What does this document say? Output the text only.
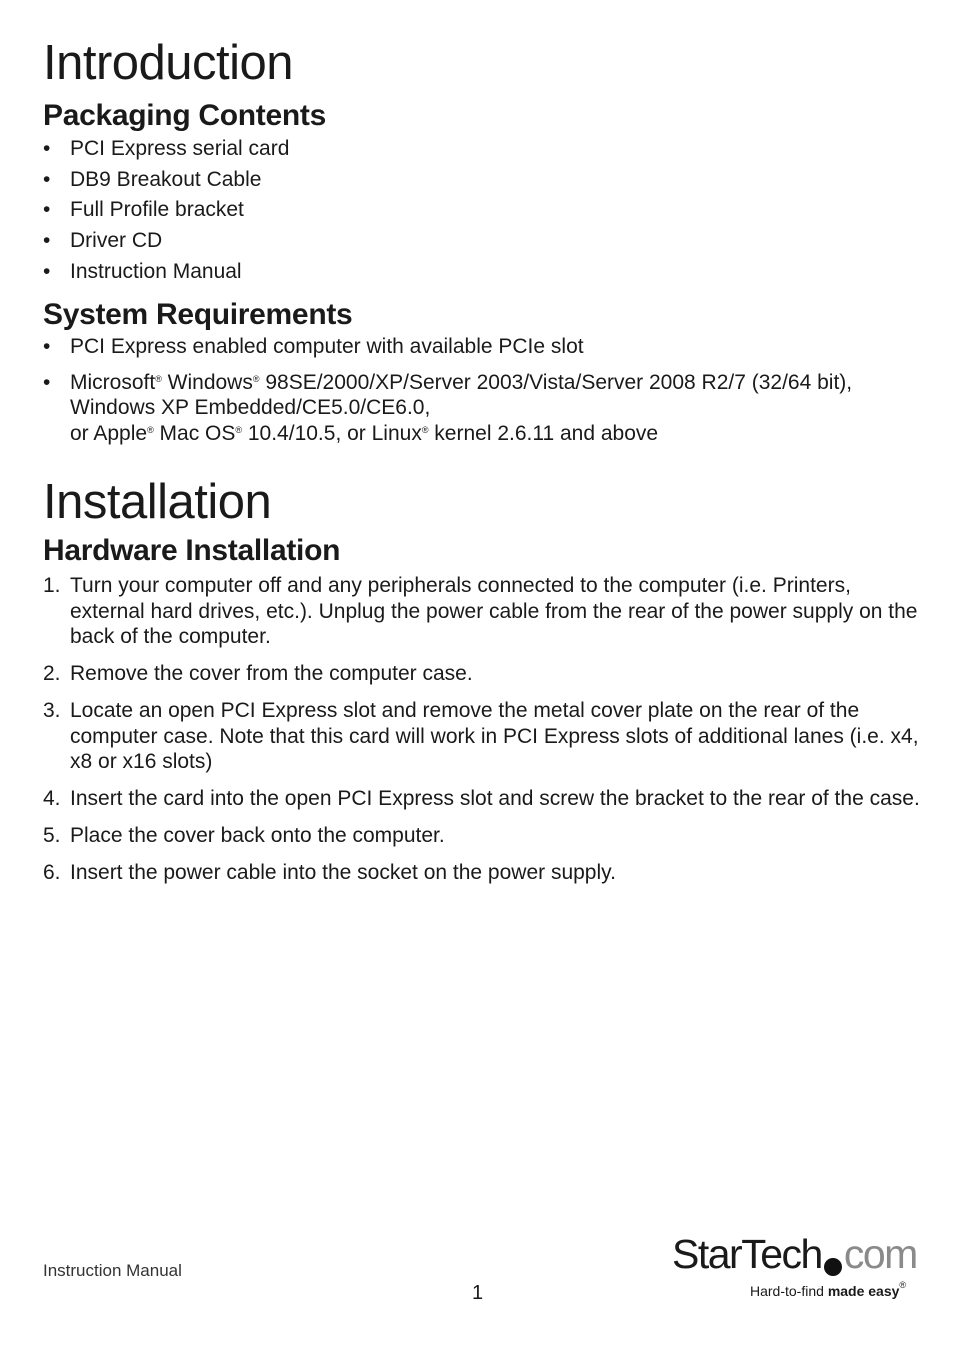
Introduction
Packaging Contents
• PCI Express serial card
• DB9 Breakout Cable
• Full Profile bracket
• Driver CD
• Instruction Manual
System Requirements
• PCI Express enabled computer with available PCIe slot
• Microsoft® Windows® 98SE/2000/XP/Server 2003/Vista/Server 2008 R2/7 (32/64 bit),
Windows XP Embedded/CE5.0/CE6.0,
or Apple® Mac OS® 10.4/10.5, or Linux® kernel 2.6.11 and above
Installation
Hardware Installation
1. Turn your computer off and any peripherals connected to the computer (i.e. Printers, external hard drives, etc.). Unplug the power cable from the rear of the power supply on the back of the computer.
2. Remove the cover from the computer case.
3. Locate an open PCI Express slot and remove the metal cover plate on the rear of the computer case. Note that this card will work in PCI Express slots of additional lanes (i.e. x4, x8 or x16 slots)
4. Insert the card into the open PCI Express slot and screw the bracket to the rear of the case.
5. Place the cover back onto the computer.
6. Insert the power cable into the socket on the power supply.
Instruction Manual
1
StarTech com
Hard-to-find made easy®
